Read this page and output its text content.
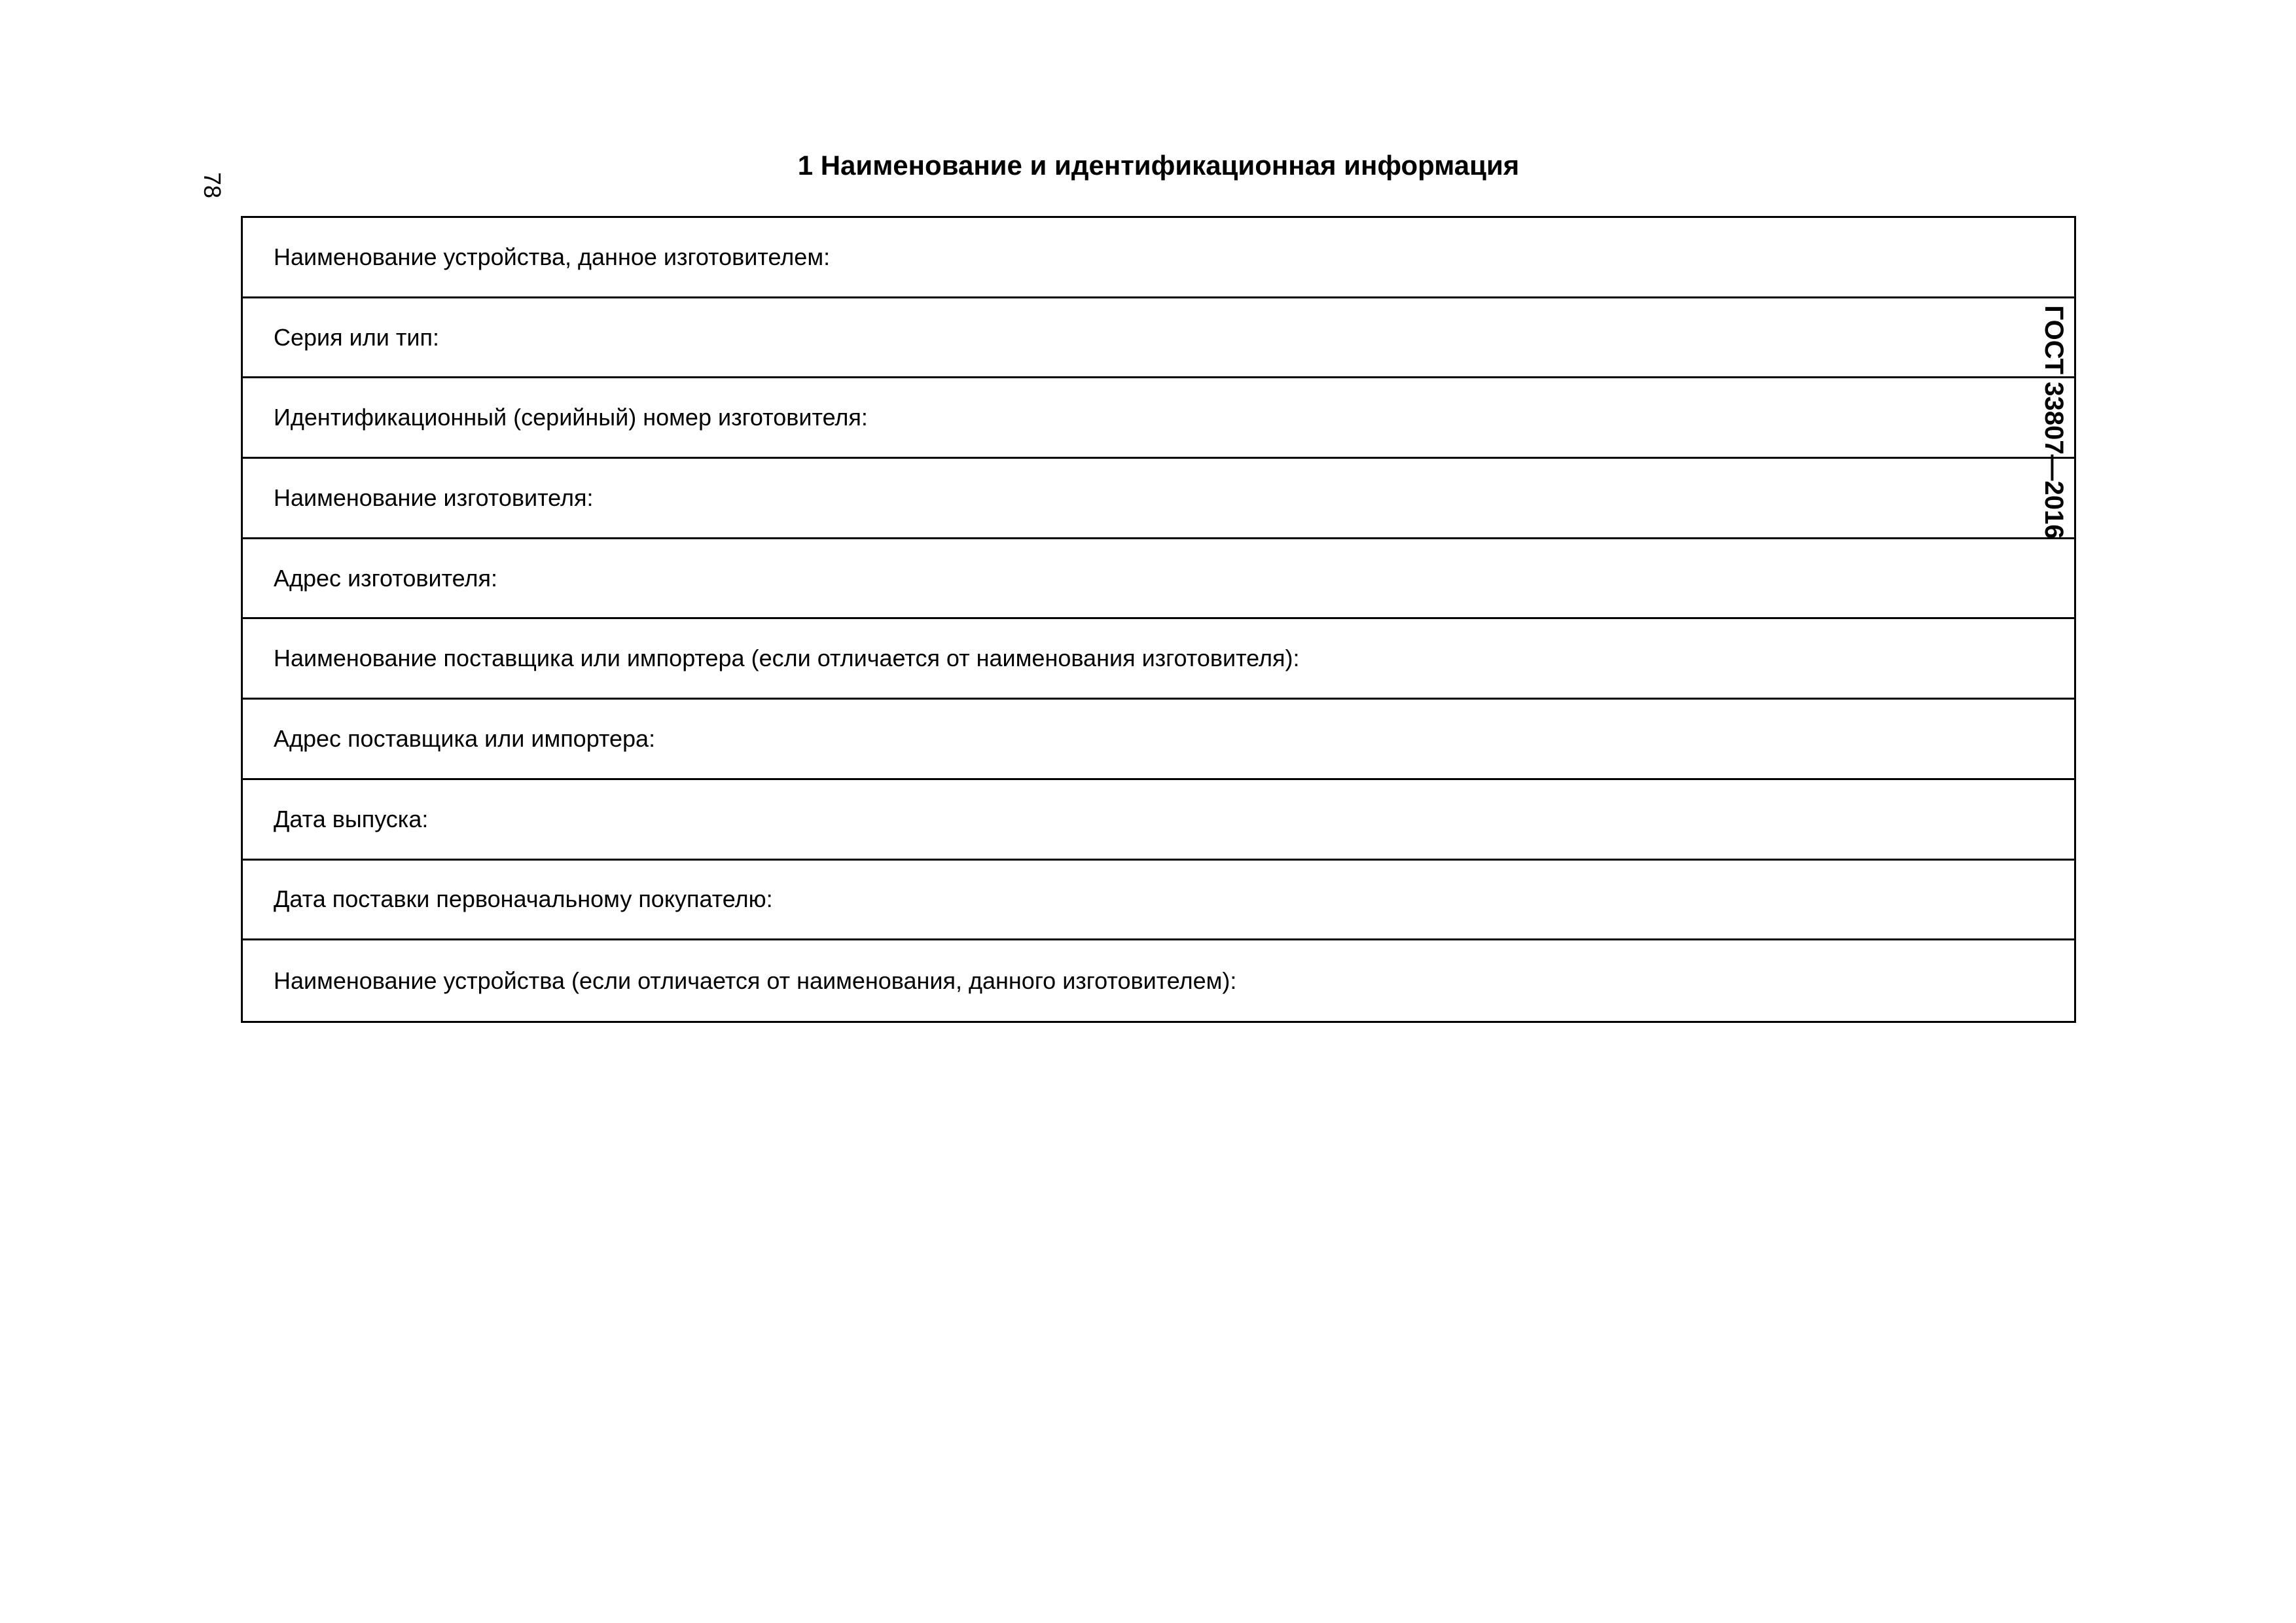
78
ГОСТ 33807—2016
1 Наименование и идентификационная информация
Наименование устройства, данное изготовителем:
Серия или тип:
Идентификационный (серийный) номер изготовителя:
Наименование изготовителя:
Адрес изготовителя:
Наименование поставщика или импортера (если отличается от наименования изготовителя):
Адрес поставщика или импортера:
Дата выпуска:
Дата поставки первоначальному покупателю:
Наименование устройства (если отличается от наименования, данного изготовителем):
